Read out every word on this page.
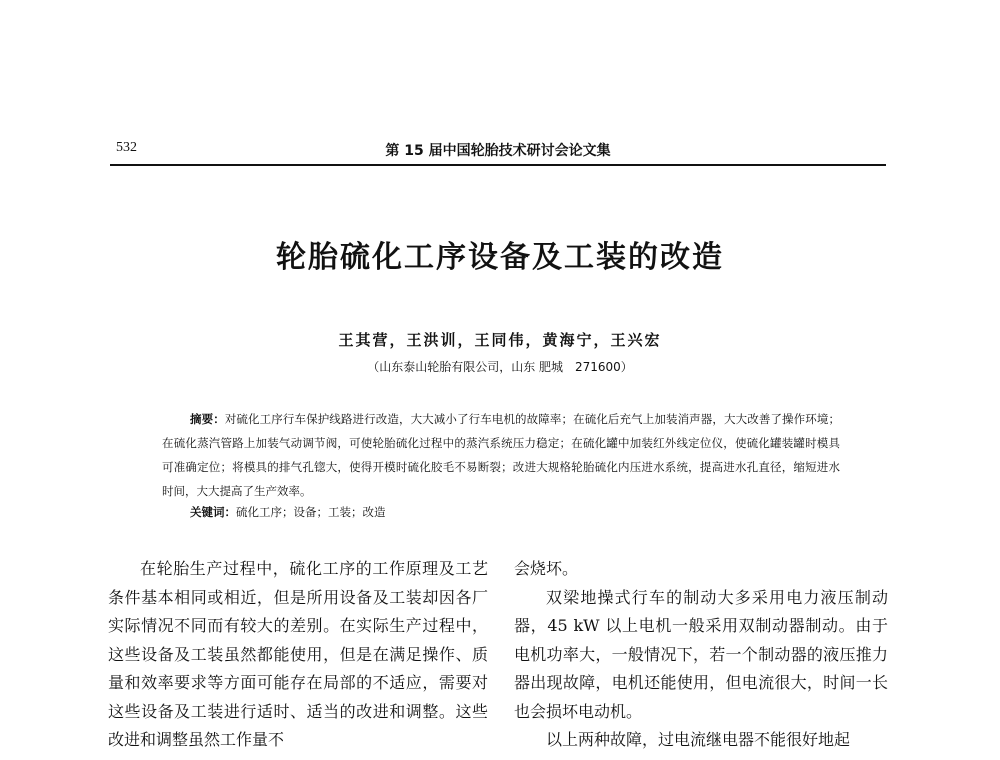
532	第 15 届中国轮胎技术研讨会论文集
轮胎硫化工序设备及工装的改造
王其营，王洪训，王同伟，黄海宁，王兴宏
（山东泰山轮胎有限公司，山东 肥城　271600）
摘要：对硫化工序行车保护线路进行改造，大大减小了行车电机的故障率；在硫化后充气上加装消声器，大大改善了操作环境；在硫化蒸汽管路上加装气动调节阀，可使轮胎硫化过程中的蒸汽系统压力稳定；在硫化罐中加装红外线定位仪，使硫化罐装罐时模具可准确定位；将模具的排气孔锪大，使得开模时硫化胶毛不易断裂；改进大规格轮胎硫化内压进水系统，提高进水孔直径，缩短进水时间，大大提高了生产效率。
关键词：硫化工序；设备；工装；改造

在轮胎生产过程中，硫化工序的工作原理及工艺条件基本相同或相近，但是所用设备及工装却因各厂实际情况不同而有较大的差别。在实际生产过程中，这些设备及工装虽然都能使用，但是在满足操作、质量和效率要求等方面可能存在局部的不适应，需要对这些设备及工装进行适时、适当的改进和调整。这些改进和调整虽然工作量不

会烧坏。

双梁地操式行车的制动大多采用电力液压制动器，45 kW 以上电机一般采用双制动器制动。由于电机功率大，一般情况下，若一个制动器的液压推力器出现故障，电机还能使用，但电流很大，时间一长也会损坏电动机。

以上两种故障，过电流继电器不能很好地起
